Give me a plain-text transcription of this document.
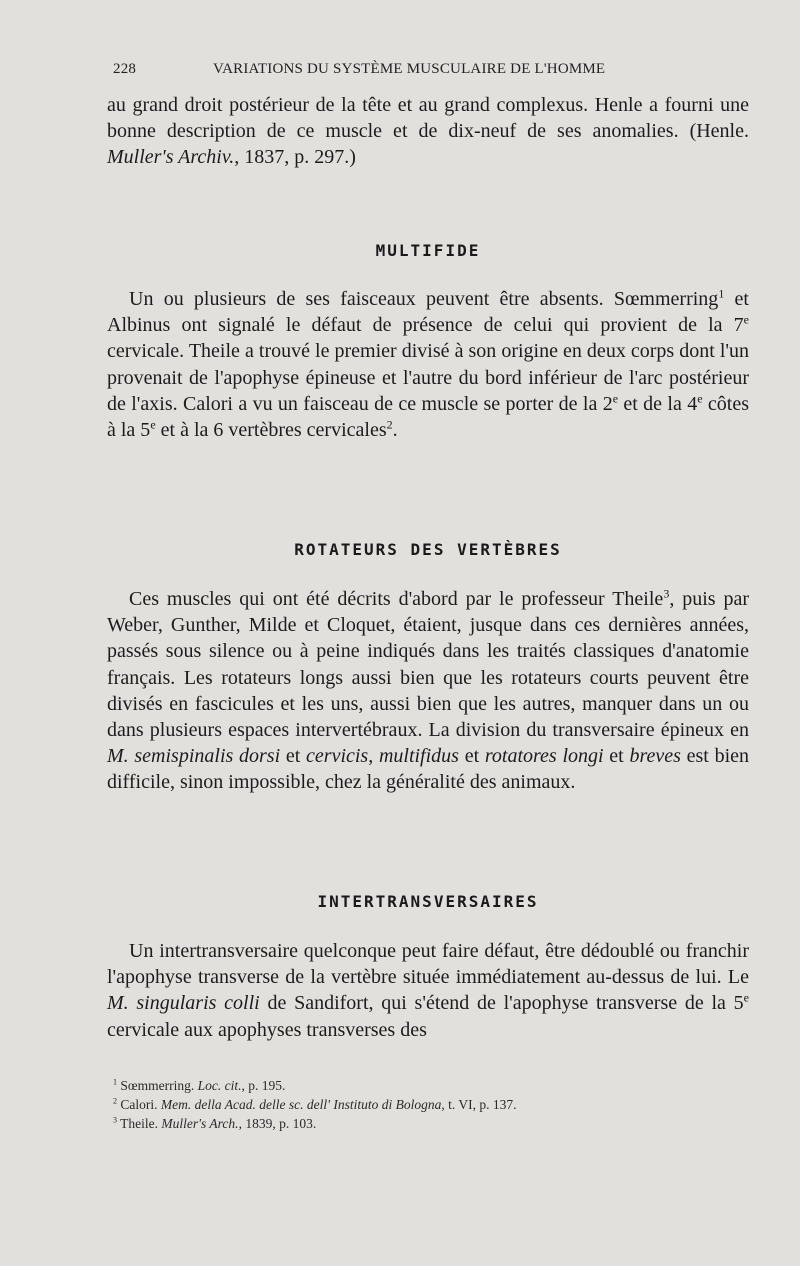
228	VARIATIONS DU SYSTÈME MUSCULAIRE DE L'HOMME

au grand droit postérieur de la tête et au grand complexus. Henle a fourni une bonne description de ce muscle et de dix-neuf de ses anomalies. (Henle. Muller's Archiv., 1837, p. 297.)

MULTIFIDE

Un ou plusieurs de ses faisceaux peuvent être absents. Sœmmerring$^1$ et Albinus ont signalé le défaut de présence de celui qui provient de la 7e cervicale. Theile a trouvé le premier divisé à son origine en deux corps dont l'un provenait de l'apophyse épineuse et l'autre du bord inférieur de l'arc postérieur de l'axis. Calori a vu un faisceau de ce muscle se porter de la 2e et de la 4e côtes à la 5e et à la 6 vertèbres cervicales$^2$.

ROTATEURS DES VERTÈBRES

Ces muscles qui ont été décrits d'abord par le professeur Theile$^3$, puis par Weber, Gunther, Milde et Cloquet, étaient, jusque dans ces dernières années, passés sous silence ou à peine indiqués dans les traités classiques d'anatomie français. Les rotateurs longs aussi bien que les rotateurs courts peuvent être divisés en fascicules et les uns, aussi bien que les autres, manquer dans un ou dans plusieurs espaces intervertébraux. La division du transversaire épineux en M. semispinalis dorsi et cervicis, multifidus et rotatores longi et breves est bien difficile, sinon impossible, chez la généralité des animaux.

INTERTRANSVERSAIRES

Un intertransversaire quelconque peut faire défaut, être dédoublé ou franchir l'apophyse transverse de la vertèbre située immédiatement au-dessus de lui. Le M. singularis colli de Sandifort, qui s'étend de l'apophyse transverse de la 5e cervicale aux apophyses transverses des

$^1$ Sœmmerring. Loc. cit., p. 195.
$^2$ Calori. Mem. della Acad. delle sc. dell' Instituto di Bologna, t. VI, p. 137.
$^3$ Theile. Muller's Arch., 1839, p. 103.
